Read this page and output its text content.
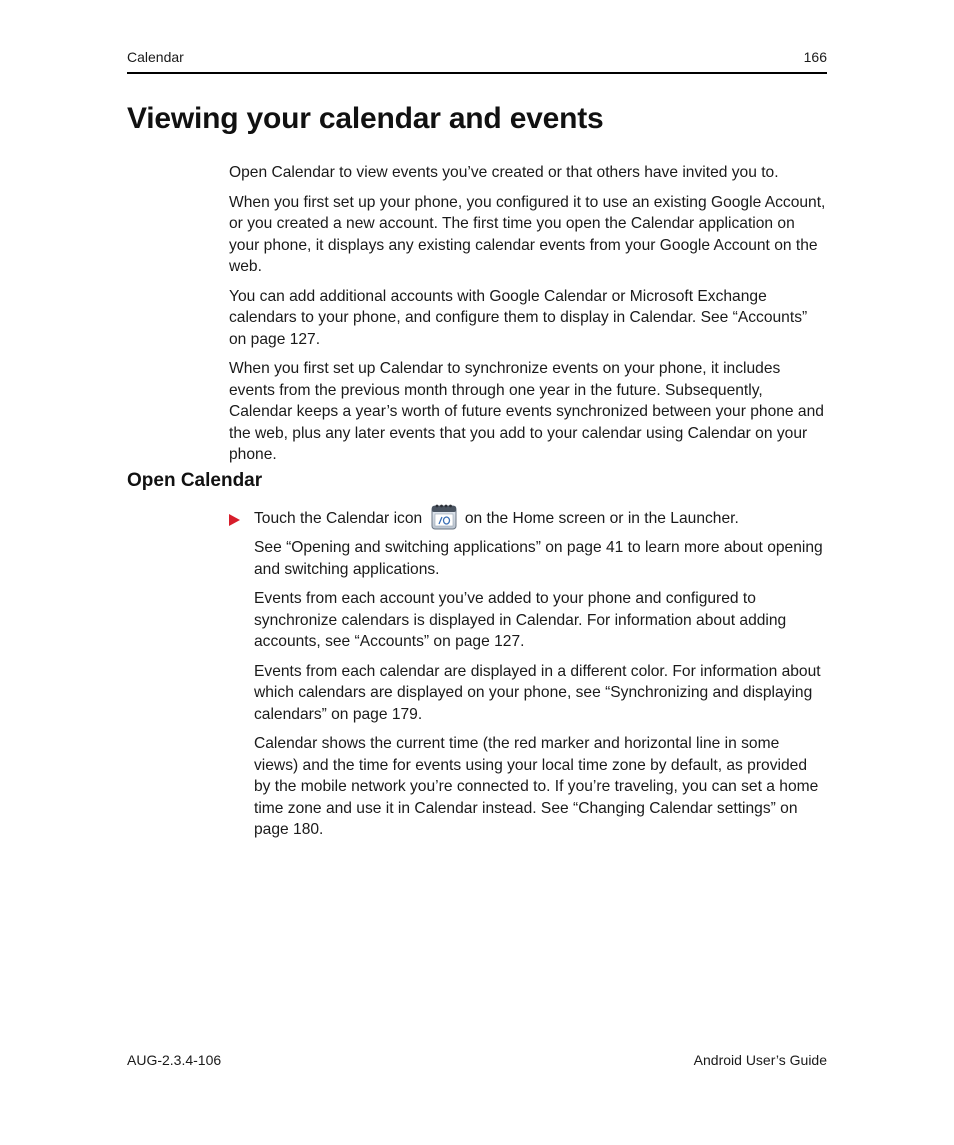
Calendar	166
Viewing your calendar and events

Open Calendar to view events you’ve created or that others have invited you to.

When you first set up your phone, you configured it to use an existing Google Account, or you created a new account. The first time you open the Calendar application on your phone, it displays any existing calendar events from your Google Account on the web.

You can add additional accounts with Google Calendar or Microsoft Exchange calendars to your phone, and configure them to display in Calendar. See “Accounts” on page 127.

When you first set up Calendar to synchronize events on your phone, it includes events from the previous month through one year in the future. Subsequently, Calendar keeps a year’s worth of future events synchronized between your phone and the web, plus any later events that you add to your calendar using Calendar on your phone.

Open Calendar
Touch the Calendar icon	on the Home screen or in the Launcher.

See “Opening and switching applications” on page 41 to learn more about opening and switching applications.

Events from each account you’ve added to your phone and configured to synchronize calendars is displayed in Calendar. For information about adding accounts, see “Accounts” on page 127.

Events from each calendar are displayed in a different color. For information about which calendars are displayed on your phone, see “Synchronizing and displaying calendars” on page 179.

Calendar shows the current time (the red marker and horizontal line in some views) and the time for events using your local time zone by default, as provided by the mobile network you’re connected to. If you’re traveling, you can set a home time zone and use it in Calendar instead. See “Changing Calendar settings” on page 180.

AUG-2.3.4-106	Android User’s Guide
